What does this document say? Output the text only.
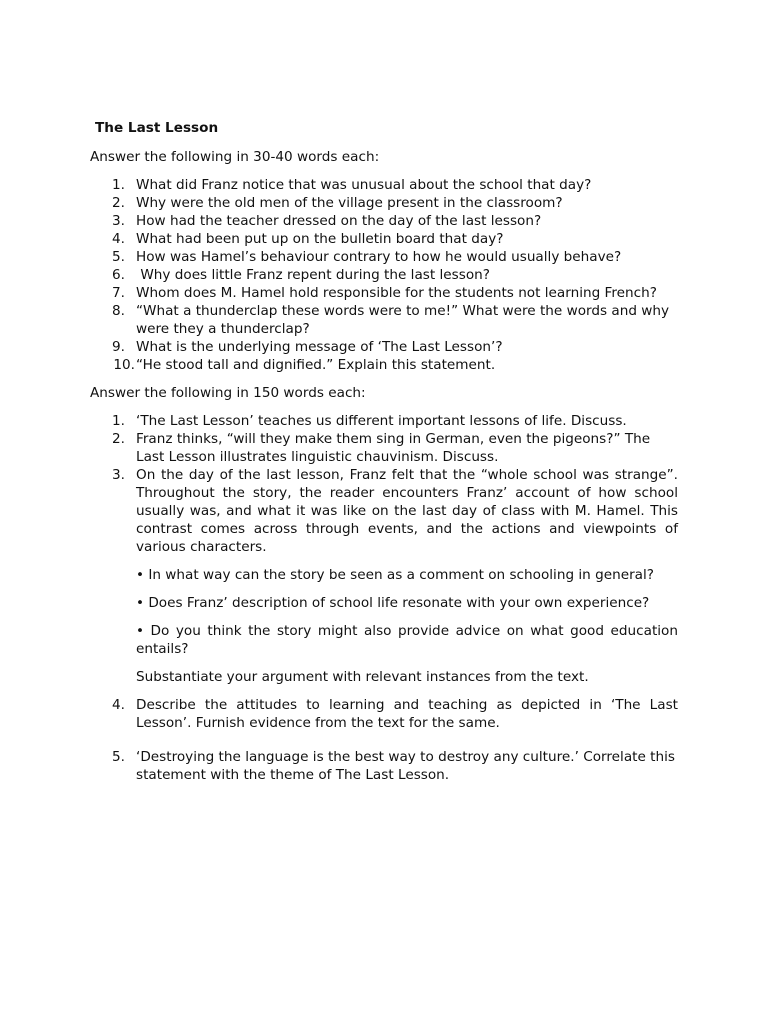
The Last Lesson
Answer the following in 30-40 words each:
1. What did Franz notice that was unusual about the school that day?
2. Why were the old men of the village present in the classroom?
3. How had the teacher dressed on the day of the last lesson?
4. What had been put up on the bulletin board that day?
5. How was Hamel’s behaviour contrary to how he would usually behave?
6. Why does little Franz repent during the last lesson?
7. Whom does M. Hamel hold responsible for the students not learning French?
8. “What a thunderclap these words were to me!” What were the words and why were they a thunderclap?
9. What is the underlying message of ‘The Last Lesson’?
10. “He stood tall and dignified.” Explain this statement.
Answer the following in 150 words each:
1. ‘The Last Lesson’ teaches us different important lessons of life. Discuss.
2. Franz thinks, “will they make them sing in German, even the pigeons?” The Last Lesson illustrates linguistic chauvinism. Discuss.
3. On the day of the last lesson, Franz felt that the “whole school was strange”. Throughout the story, the reader encounters Franz’ account of how school usually was, and what it was like on the last day of class with M. Hamel. This contrast comes across through events, and the actions and viewpoints of various characters.
• In what way can the story be seen as a comment on schooling in general?
• Does Franz’ description of school life resonate with your own experience?
• Do you think the story might also provide advice on what good education entails?
Substantiate your argument with relevant instances from the text.
4. Describe the attitudes to learning and teaching as depicted in ‘The Last Lesson’. Furnish evidence from the text for the same.
5. ‘Destroying the language is the best way to destroy any culture.’ Correlate this statement with the theme of The Last Lesson.
